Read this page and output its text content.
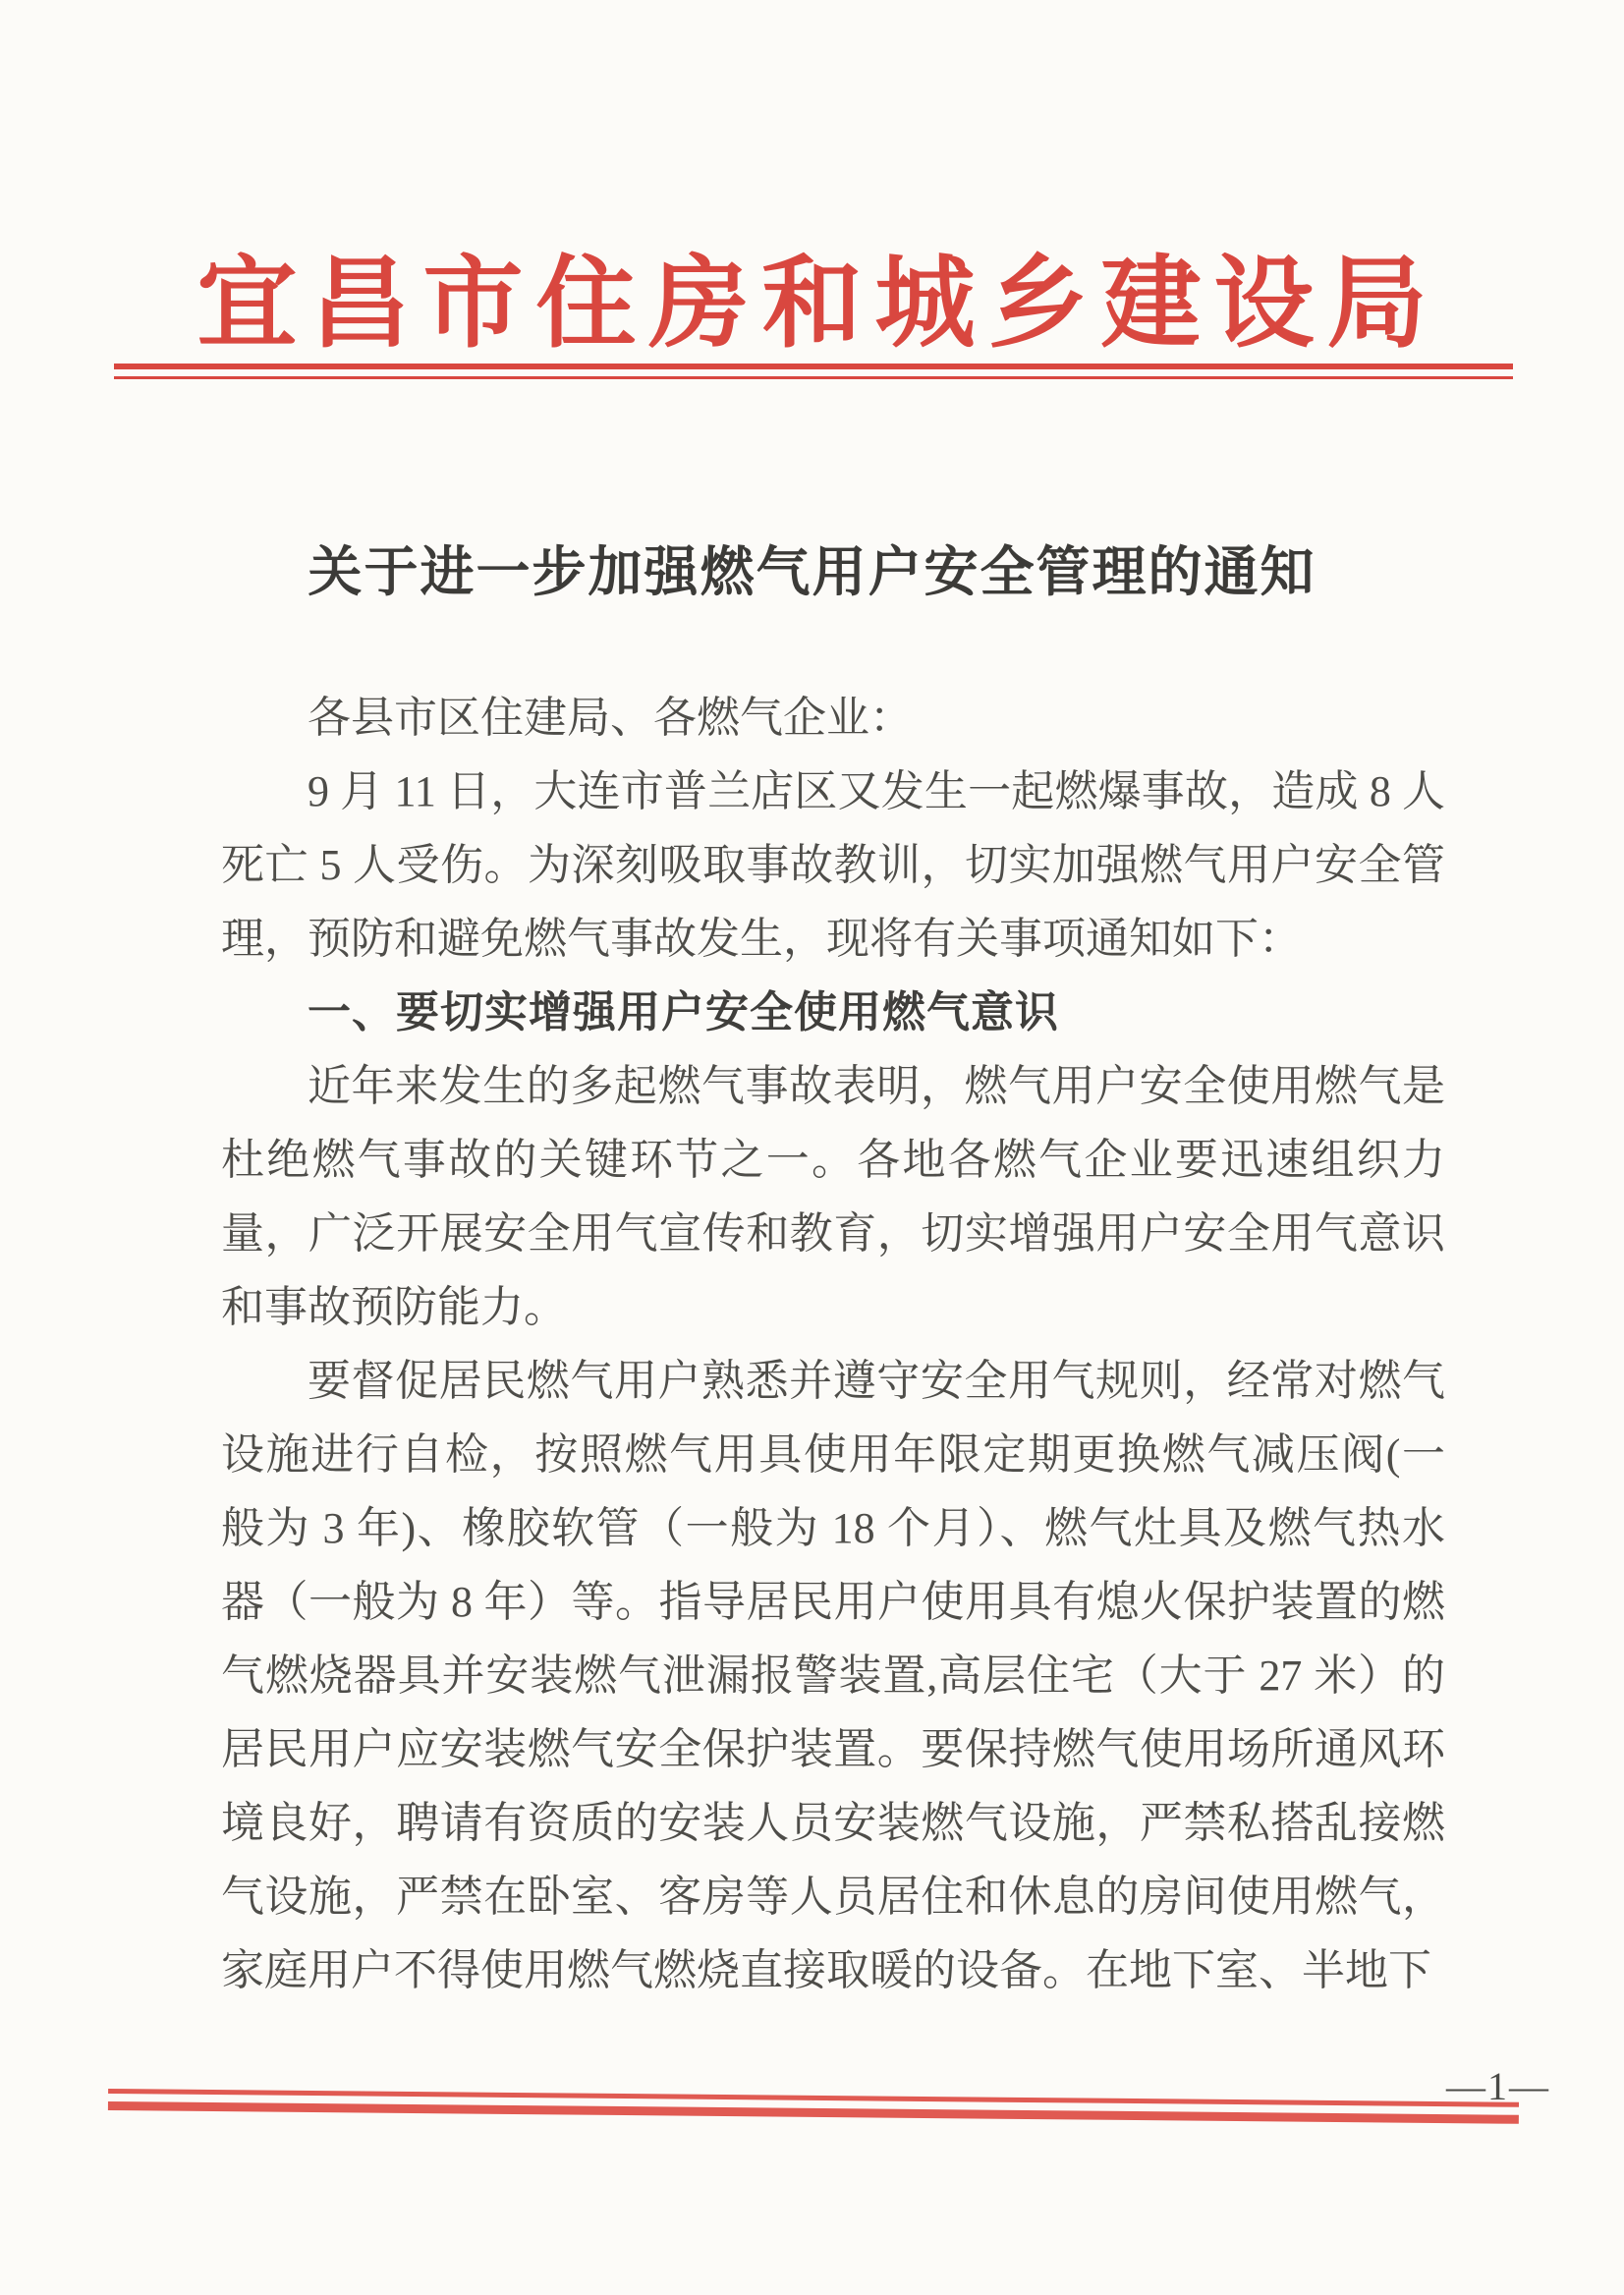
宜昌市住房和城乡建设局
关于进一步加强燃气用户安全管理的通知

各县市区住建局、各燃气企业：

9 月 11 日，大连市普兰店区又发生一起燃爆事故，造成 8 人死亡 5 人受伤。为深刻吸取事故教训，切实加强燃气用户安全管理，预防和避免燃气事故发生，现将有关事项通知如下：

一、要切实增强用户安全使用燃气意识

近年来发生的多起燃气事故表明，燃气用户安全使用燃气是杜绝燃气事故的关键环节之一。各地各燃气企业要迅速组织力量，广泛开展安全用气宣传和教育，切实增强用户安全用气意识和事故预防能力。

要督促居民燃气用户熟悉并遵守安全用气规则，经常对燃气设施进行自检，按照燃气用具使用年限定期更换燃气减压阀(一般为 3 年)、橡胶软管（一般为 18 个月）、燃气灶具及燃气热水器（一般为 8 年）等。指导居民用户使用具有熄火保护装置的燃气燃烧器具并安装燃气泄漏报警装置,高层住宅（大于 27 米）的居民用户应安装燃气安全保护装置。要保持燃气使用场所通风环境良好，聘请有资质的安装人员安装燃气设施，严禁私搭乱接燃气设施，严禁在卧室、客房等人员居住和休息的房间使用燃气，家庭用户不得使用燃气燃烧直接取暖的设备。在地下室、半地下

—1—
